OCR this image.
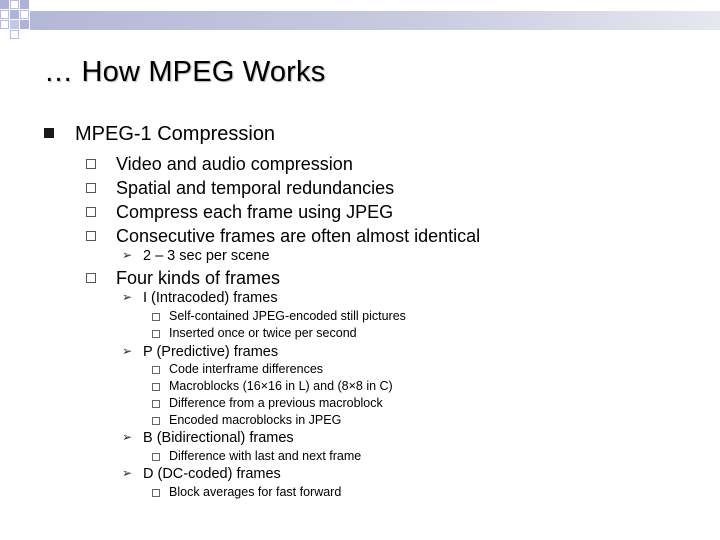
… How MPEG Works
MPEG-1 Compression
Video and audio compression
Spatial and temporal redundancies
Compress each frame using JPEG
Consecutive frames are often almost identical
➢ 2 – 3 sec per scene
Four kinds of frames
➢ I (Intracoded) frames
Self-contained JPEG-encoded still pictures
Inserted once or twice per second
➢ P (Predictive) frames
Code interframe differences
Macroblocks (16×16 in L) and (8×8 in C)
Difference from a previous macroblock
Encoded macroblocks in JPEG
➢ B (Bidirectional) frames
Difference with last and next frame
➢ D (DC-coded) frames
Block averages for fast forward
